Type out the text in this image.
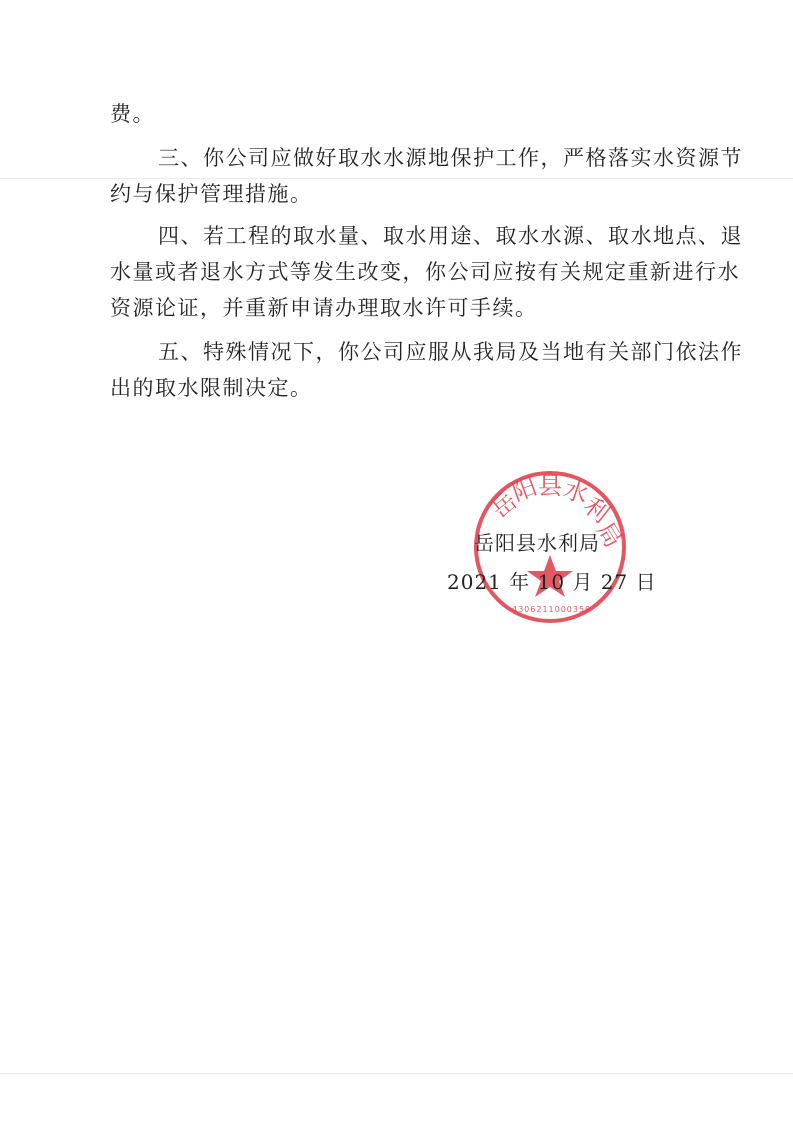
费。

三、你公司应做好取水水源地保护工作，严格落实水资源节
约与保护管理措施。

四、若工程的取水量、取水用途、取水水源、取水地点、退
水量或者退水方式等发生改变，你公司应按有关规定重新进行水
资源论证，并重新申请办理取水许可手续。

五、特殊情况下，你公司应服从我局及当地有关部门依法作
出的取水限制决定。

岳
阳
县
水
利
局
4306211000359
岳阳县水利局
2021 年 10 月 27 日
